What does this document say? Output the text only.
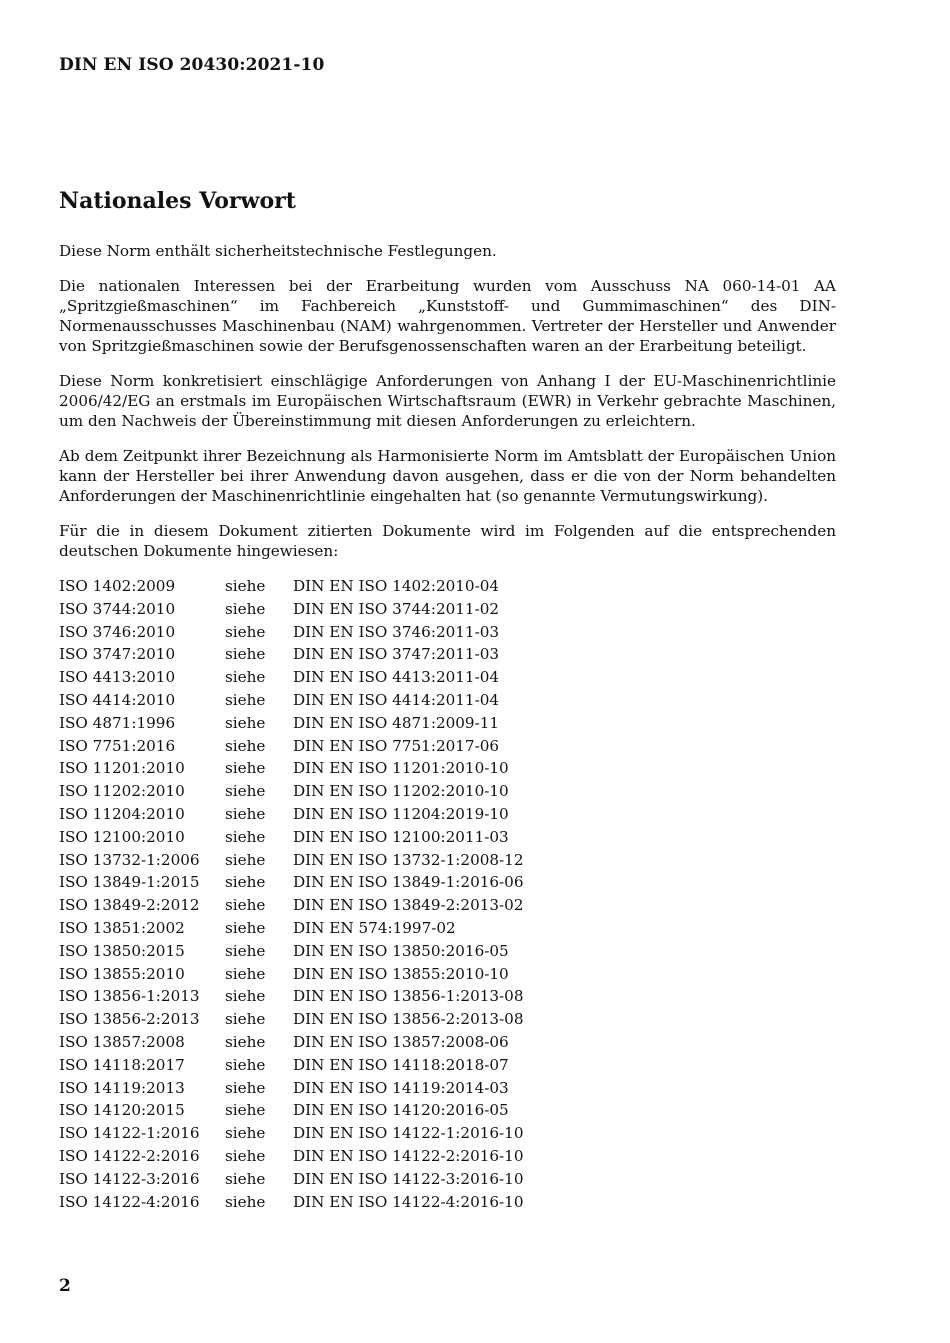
DIN EN ISO 20430:2021-10
Nationales Vorwort

Diese Norm enthält sicherheitstechnische Festlegungen.

Die nationalen Interessen bei der Erarbeitung wurden vom Ausschuss NA 060-14-01 AA „Spritzgießmaschinen“ im Fachbereich „Kunststoff- und Gummimaschinen“ des DIN-Normenausschusses Maschinenbau (NAM) wahrgenommen. Vertreter der Hersteller und Anwender von Spritzgießmaschinen sowie der Berufsgenossenschaften waren an der Erarbeitung beteiligt.

Diese Norm konkretisiert einschlägige Anforderungen von Anhang I der EU-Maschinenrichtlinie 2006/42/EG an erstmals im Europäischen Wirtschaftsraum (EWR) in Verkehr gebrachte Maschinen, um den Nachweis der Übereinstimmung mit diesen Anforderungen zu erleichtern.

Ab dem Zeitpunkt ihrer Bezeichnung als Harmonisierte Norm im Amtsblatt der Europäischen Union kann der Hersteller bei ihrer Anwendung davon ausgehen, dass er die von der Norm behandelten Anforderungen der Maschinenrichtlinie eingehalten hat (so genannte Vermutungswirkung).

Für die in diesem Dokument zitierten Dokumente wird im Folgenden auf die entsprechenden deutschen Dokumente hingewiesen:

ISO 1402:2009	siehe	DIN EN ISO 1402:2010-04
ISO 3744:2010	siehe	DIN EN ISO 3744:2011-02
ISO 3746:2010	siehe	DIN EN ISO 3746:2011-03
ISO 3747:2010	siehe	DIN EN ISO 3747:2011-03
ISO 4413:2010	siehe	DIN EN ISO 4413:2011-04
ISO 4414:2010	siehe	DIN EN ISO 4414:2011-04
ISO 4871:1996	siehe	DIN EN ISO 4871:2009-11
ISO 7751:2016	siehe	DIN EN ISO 7751:2017-06
ISO 11201:2010	siehe	DIN EN ISO 11201:2010-10
ISO 11202:2010	siehe	DIN EN ISO 11202:2010-10
ISO 11204:2010	siehe	DIN EN ISO 11204:2019-10
ISO 12100:2010	siehe	DIN EN ISO 12100:2011-03
ISO 13732-1:2006	siehe	DIN EN ISO 13732-1:2008-12
ISO 13849-1:2015	siehe	DIN EN ISO 13849-1:2016-06
ISO 13849-2:2012	siehe	DIN EN ISO 13849-2:2013-02
ISO 13851:2002	siehe	DIN EN 574:1997-02
ISO 13850:2015	siehe	DIN EN ISO 13850:2016-05
ISO 13855:2010	siehe	DIN EN ISO 13855:2010-10
ISO 13856-1:2013	siehe	DIN EN ISO 13856-1:2013-08
ISO 13856-2:2013	siehe	DIN EN ISO 13856-2:2013-08
ISO 13857:2008	siehe	DIN EN ISO 13857:2008-06
ISO 14118:2017	siehe	DIN EN ISO 14118:2018-07
ISO 14119:2013	siehe	DIN EN ISO 14119:2014-03
ISO 14120:2015	siehe	DIN EN ISO 14120:2016-05
ISO 14122-1:2016	siehe	DIN EN ISO 14122-1:2016-10
ISO 14122-2:2016	siehe	DIN EN ISO 14122-2:2016-10
ISO 14122-3:2016	siehe	DIN EN ISO 14122-3:2016-10
ISO 14122-4:2016	siehe	DIN EN ISO 14122-4:2016-10
2
